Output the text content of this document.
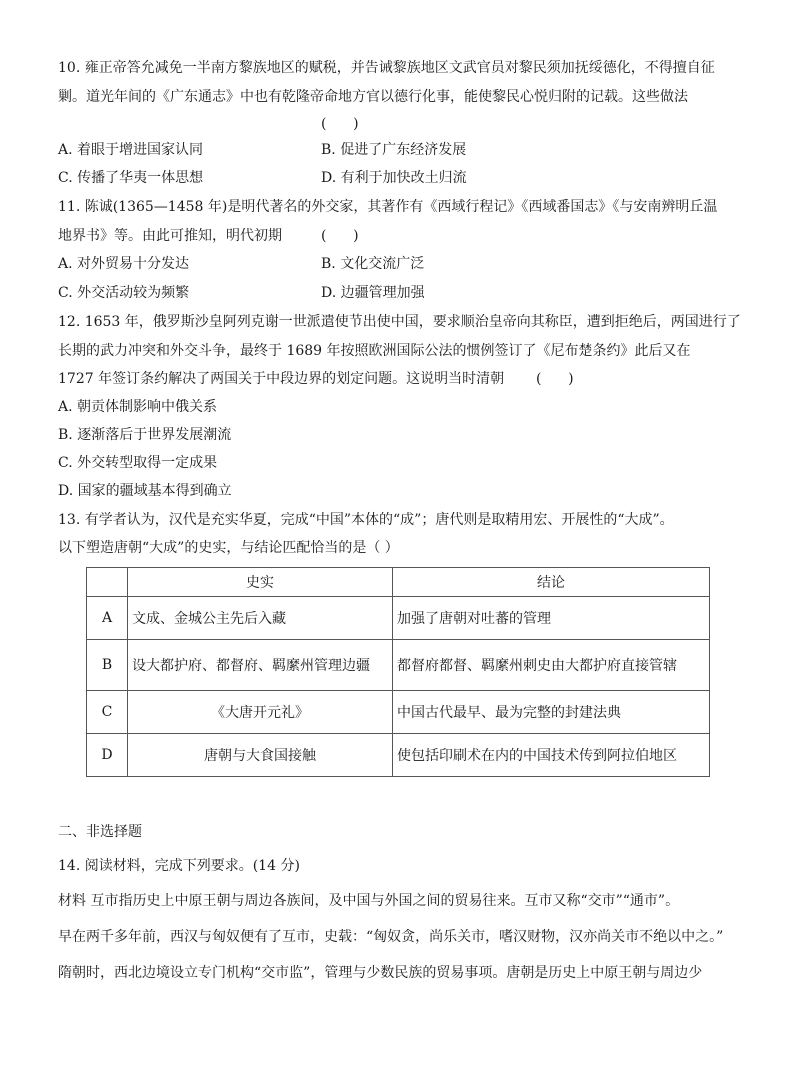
10. 雍正帝答允减免一半南方黎族地区的赋税，并告诫黎族地区文武官员对黎民须加抚绥德化，不得擅自征
剿。道光年间的《广东通志》中也有乾隆帝命地方官以德行化事，能使黎民心悦归附的记载。这些做法
(      )
A. 着眼于增进国家认同	B. 促进了广东经济发展
C. 传播了华夷一体思想	D. 有利于加快改土归流
11. 陈诚(1365—1458 年)是明代著名的外交家，其著作有《西域行程记》《西域番国志》《与安南辨明丘温
地界书》等。由此可推知，明代初期	(      )
A. 对外贸易十分发达	B. 文化交流广泛
C. 外交活动较为频繁	D. 边疆管理加强
12. 1653 年，俄罗斯沙皇阿列克谢一世派遣使节出使中国，要求顺治皇帝向其称臣，遭到拒绝后，两国进行了
长期的武力冲突和外交斗争，最终于 1689 年按照欧洲国际公法的惯例签订了《尼布楚条约》此后又在
1727 年签订条约解决了两国关于中段边界的划定问题。这说明当时清朝 (      )
A. 朝贡体制影响中俄关系
B. 逐渐落后于世界发展潮流
C. 外交转型取得一定成果
D. 国家的疆域基本得到确立
13. 有学者认为，汉代是充实华夏，完成“中国”本体的“成”；唐代则是取精用宏、开展性的“大成”。
以下塑造唐朝“大成”的史实，与结论匹配恰当的是（ ）
	史实	结论
A	文成、金城公主先后入藏	加强了唐朝对吐蕃的管理
B	设大都护府、都督府、羁縻州管理边疆	都督府都督、羁縻州刺史由大都护府直接管辖
C	《大唐开元礼》	中国古代最早、最为完整的封建法典
D	唐朝与大食国接触	使包括印刷术在内的中国技术传到阿拉伯地区
二、非选择题
14. 阅读材料，完成下列要求。(14 分)
材料 互市指历史上中原王朝与周边各族间，及中国与外国之间的贸易往来。互市又称“交市”“通市”。
早在两千多年前，西汉与匈奴便有了互市，史载：“匈奴贪，尚乐关市，嗜汉财物，汉亦尚关市不绝以中之。”
隋朝时，西北边境设立专门机构“交市监”，管理与少数民族的贸易事项。唐朝是历史上中原王朝与周边少
